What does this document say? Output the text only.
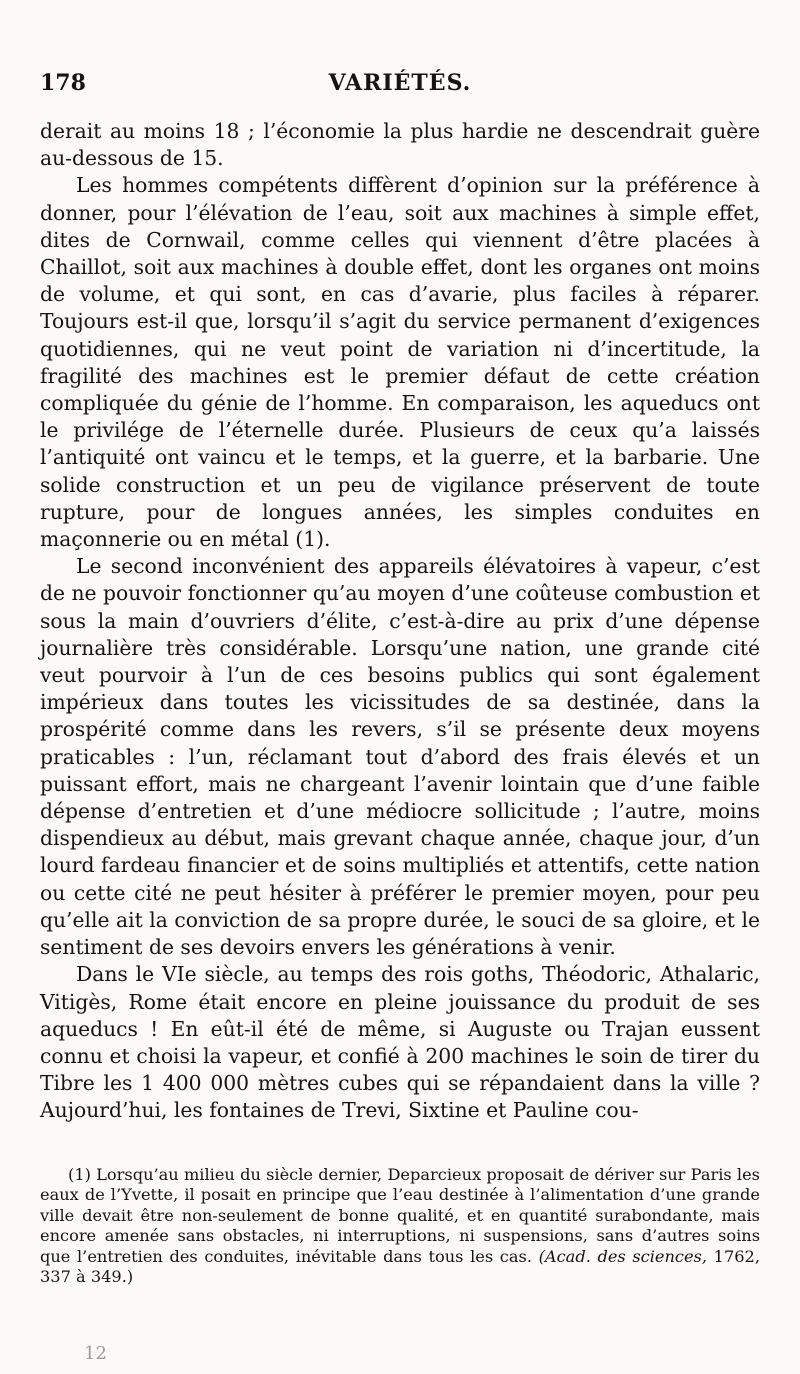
178	VARIÉTÉS.

derait au moins 18 ; l’économie la plus hardie ne descendrait guère au-dessous de 15.

Les hommes compétents diffèrent d’opinion sur la préférence à donner, pour l’élévation de l’eau, soit aux machines à simple effet, dites de Cornwail, comme celles qui viennent d’être placées à Chaillot, soit aux machines à double effet, dont les organes ont moins de volume, et qui sont, en cas d’avarie, plus faciles à réparer. Toujours est-il que, lorsqu’il s’agit du service permanent d’exigences quotidiennes, qui ne veut point de variation ni d’incertitude, la fragilité des machines est le premier défaut de cette création compliquée du génie de l’homme. En comparaison, les aqueducs ont le privilége de l’éternelle durée. Plusieurs de ceux qu’a laissés l’antiquité ont vaincu et le temps, et la guerre, et la barbarie. Une solide construction et un peu de vigilance préservent de toute rupture, pour de longues années, les simples conduites en maçonnerie ou en métal (1).

Le second inconvénient des appareils élévatoires à vapeur, c’est de ne pouvoir fonctionner qu’au moyen d’une coûteuse combustion et sous la main d’ouvriers d’élite, c’est-à-dire au prix d’une dépense journalière très considérable. Lorsqu’une nation, une grande cité veut pourvoir à l’un de ces besoins publics qui sont également impérieux dans toutes les vicissitudes de sa destinée, dans la prospérité comme dans les revers, s’il se présente deux moyens praticables : l’un, réclamant tout d’abord des frais élevés et un puissant effort, mais ne chargeant l’avenir lointain que d’une faible dépense d’entretien et d’une médiocre sollicitude ; l’autre, moins dispendieux au début, mais grevant chaque année, chaque jour, d’un lourd fardeau financier et de soins multipliés et attentifs, cette nation ou cette cité ne peut hésiter à préférer le premier moyen, pour peu qu’elle ait la conviction de sa propre durée, le souci de sa gloire, et le sentiment de ses devoirs envers les générations à venir.

Dans le VIe siècle, au temps des rois goths, Théodoric, Athalaric, Vitigès, Rome était encore en pleine jouissance du produit de ses aqueducs ! En eût-il été de même, si Auguste ou Trajan eussent connu et choisi la vapeur, et confié à 200 machines le soin de tirer du Tibre les 1 400 000 mètres cubes qui se répandaient dans la ville ? Aujourd’hui, les fontaines de Trevi, Sixtine et Pauline cou-

(1) Lorsqu’au milieu du siècle dernier, Deparcieux proposait de dériver sur Paris les eaux de l’Yvette, il posait en principe que l’eau destinée à l’alimentation d’une grande ville devait être non-seulement de bonne qualité, et en quantité surabondante, mais encore amenée sans obstacles, ni interruptions, ni suspensions, sans d’autres soins que l’entretien des conduites, inévitable dans tous les cas. (Acad. des sciences, 1762, 337 à 349.)

12
